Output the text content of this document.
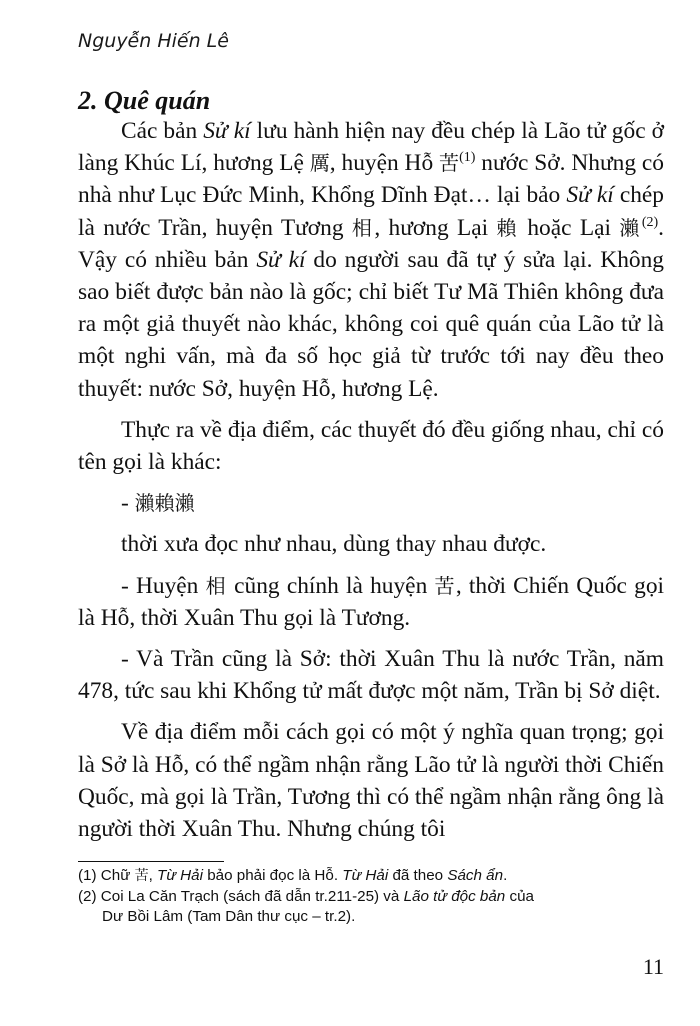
Nguyễn Hiến Lê
2. Quê quán

Các bản Sử kí lưu hành hiện nay đều chép là Lão tử gốc ở làng Khúc Lí, hương Lệ 厲, huyện Hỗ 苦$^{(1)}$ nước Sở. Nhưng có nhà như Lục Đức Minh, Khổng Dĩnh Đạt… lại bảo Sử kí chép là nước Trần, huyện Tương 相, hương Lại 賴 hoặc Lại 瀨$^{(2)}$. Vậy có nhiều bản Sử kí do người sau đã tự ý sửa lại. Không sao biết được bản nào là gốc; chỉ biết Tư Mã Thiên không đưa ra một giả thuyết nào khác, không coi quê quán của Lão tử là một nghi vấn, mà đa số học giả từ trước tới nay đều theo thuyết: nước Sở, huyện Hỗ, hương Lệ.

Thực ra về địa điểm, các thuyết đó đều giống nhau, chỉ có tên gọi là khác:

- 瀨賴瀨

thời xưa đọc như nhau, dùng thay nhau được.

- Huyện 相 cũng chính là huyện 苦, thời Chiến Quốc gọi là Hỗ, thời Xuân Thu gọi là Tương.

- Và Trần cũng là Sở: thời Xuân Thu là nước Trần, năm 478, tức sau khi Khổng tử mất được một năm, Trần bị Sở diệt.

Về địa điểm mỗi cách gọi có một ý nghĩa quan trọng; gọi là Sở là Hỗ, có thể ngầm nhận rằng Lão tử là người thời Chiến Quốc, mà gọi là Trần, Tương thì có thể ngầm nhận rằng ông là người thời Xuân Thu. Nhưng chúng tôi

(1) Chữ 苦, Từ Hải bảo phải đọc là Hỗ. Từ Hải đã theo Sách ẩn.
(2) Coi La Căn Trạch (sách đã dẫn tr.211-25) và Lão tử độc bản của
Dư Bồi Lâm (Tam Dân thư cục – tr.2).
11
